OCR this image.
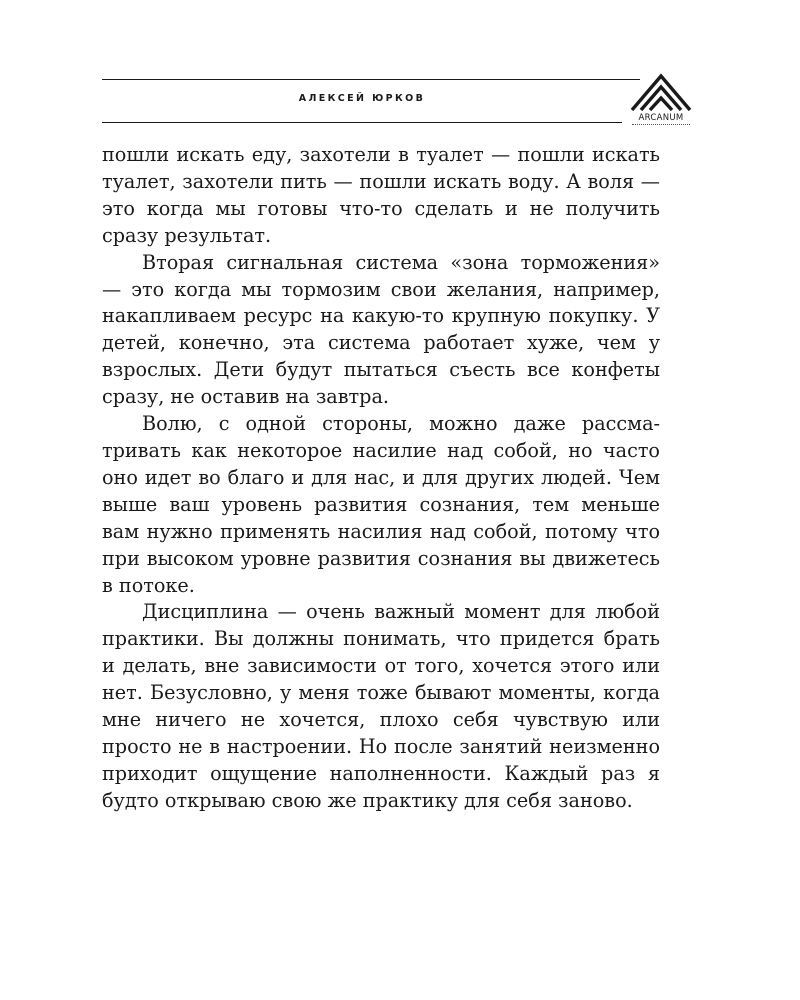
АЛЕКСЕЙ ЮРКОВ
ARCANUM

пошли искать еду, захотели в туалет — пошли искать туалет, захотели пить — пошли искать воду. А воля — это когда мы готовы что-то сделать и не получить сразу результат.

Вторая сигнальная система «зона торможения» — это когда мы тормозим свои желания, например, накапливаем ресурс на какую-то крупную покупку. У детей, конечно, эта система работает хуже, чем у взрослых. Дети будут пытаться съесть все конфеты сразу, не оставив на завтра.

Волю, с одной стороны, можно даже рассматривать как некоторое насилие над собой, но часто оно идет во благо и для нас, и для других людей. Чем выше ваш уровень развития сознания, тем меньше вам нужно применять насилия над собой, потому что при высоком уровне развития сознания вы движетесь в потоке.

Дисциплина — очень важный момент для любой практики. Вы должны понимать, что придется брать и делать, вне зависимости от того, хочется этого или нет. Безусловно, у меня тоже бывают моменты, когда мне ничего не хочется, плохо себя чувствую или просто не в настроении. Но после занятий неизменно приходит ощущение наполненности. Каждый раз я будто открываю свою же практику для себя заново.
